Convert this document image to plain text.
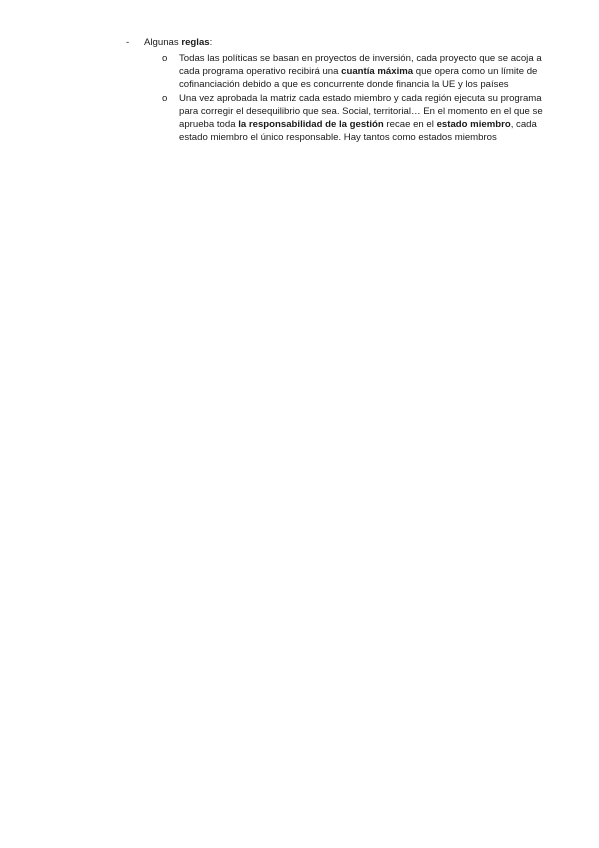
- Algunas reglas:
o Todas las políticas se basan en proyectos de inversión, cada proyecto que se acoja a cada programa operativo recibirá una cuantía máxima que opera como un límite de cofinanciación debido a que es concurrente donde financia la UE y los países
o Una vez aprobada la matriz cada estado miembro y cada región ejecuta su programa para corregir el desequilibrio que sea. Social, territorial… En el momento en el que se aprueba toda la responsabilidad de la gestión recae en el estado miembro, cada estado miembro el único responsable. Hay tantos como estados miembros
